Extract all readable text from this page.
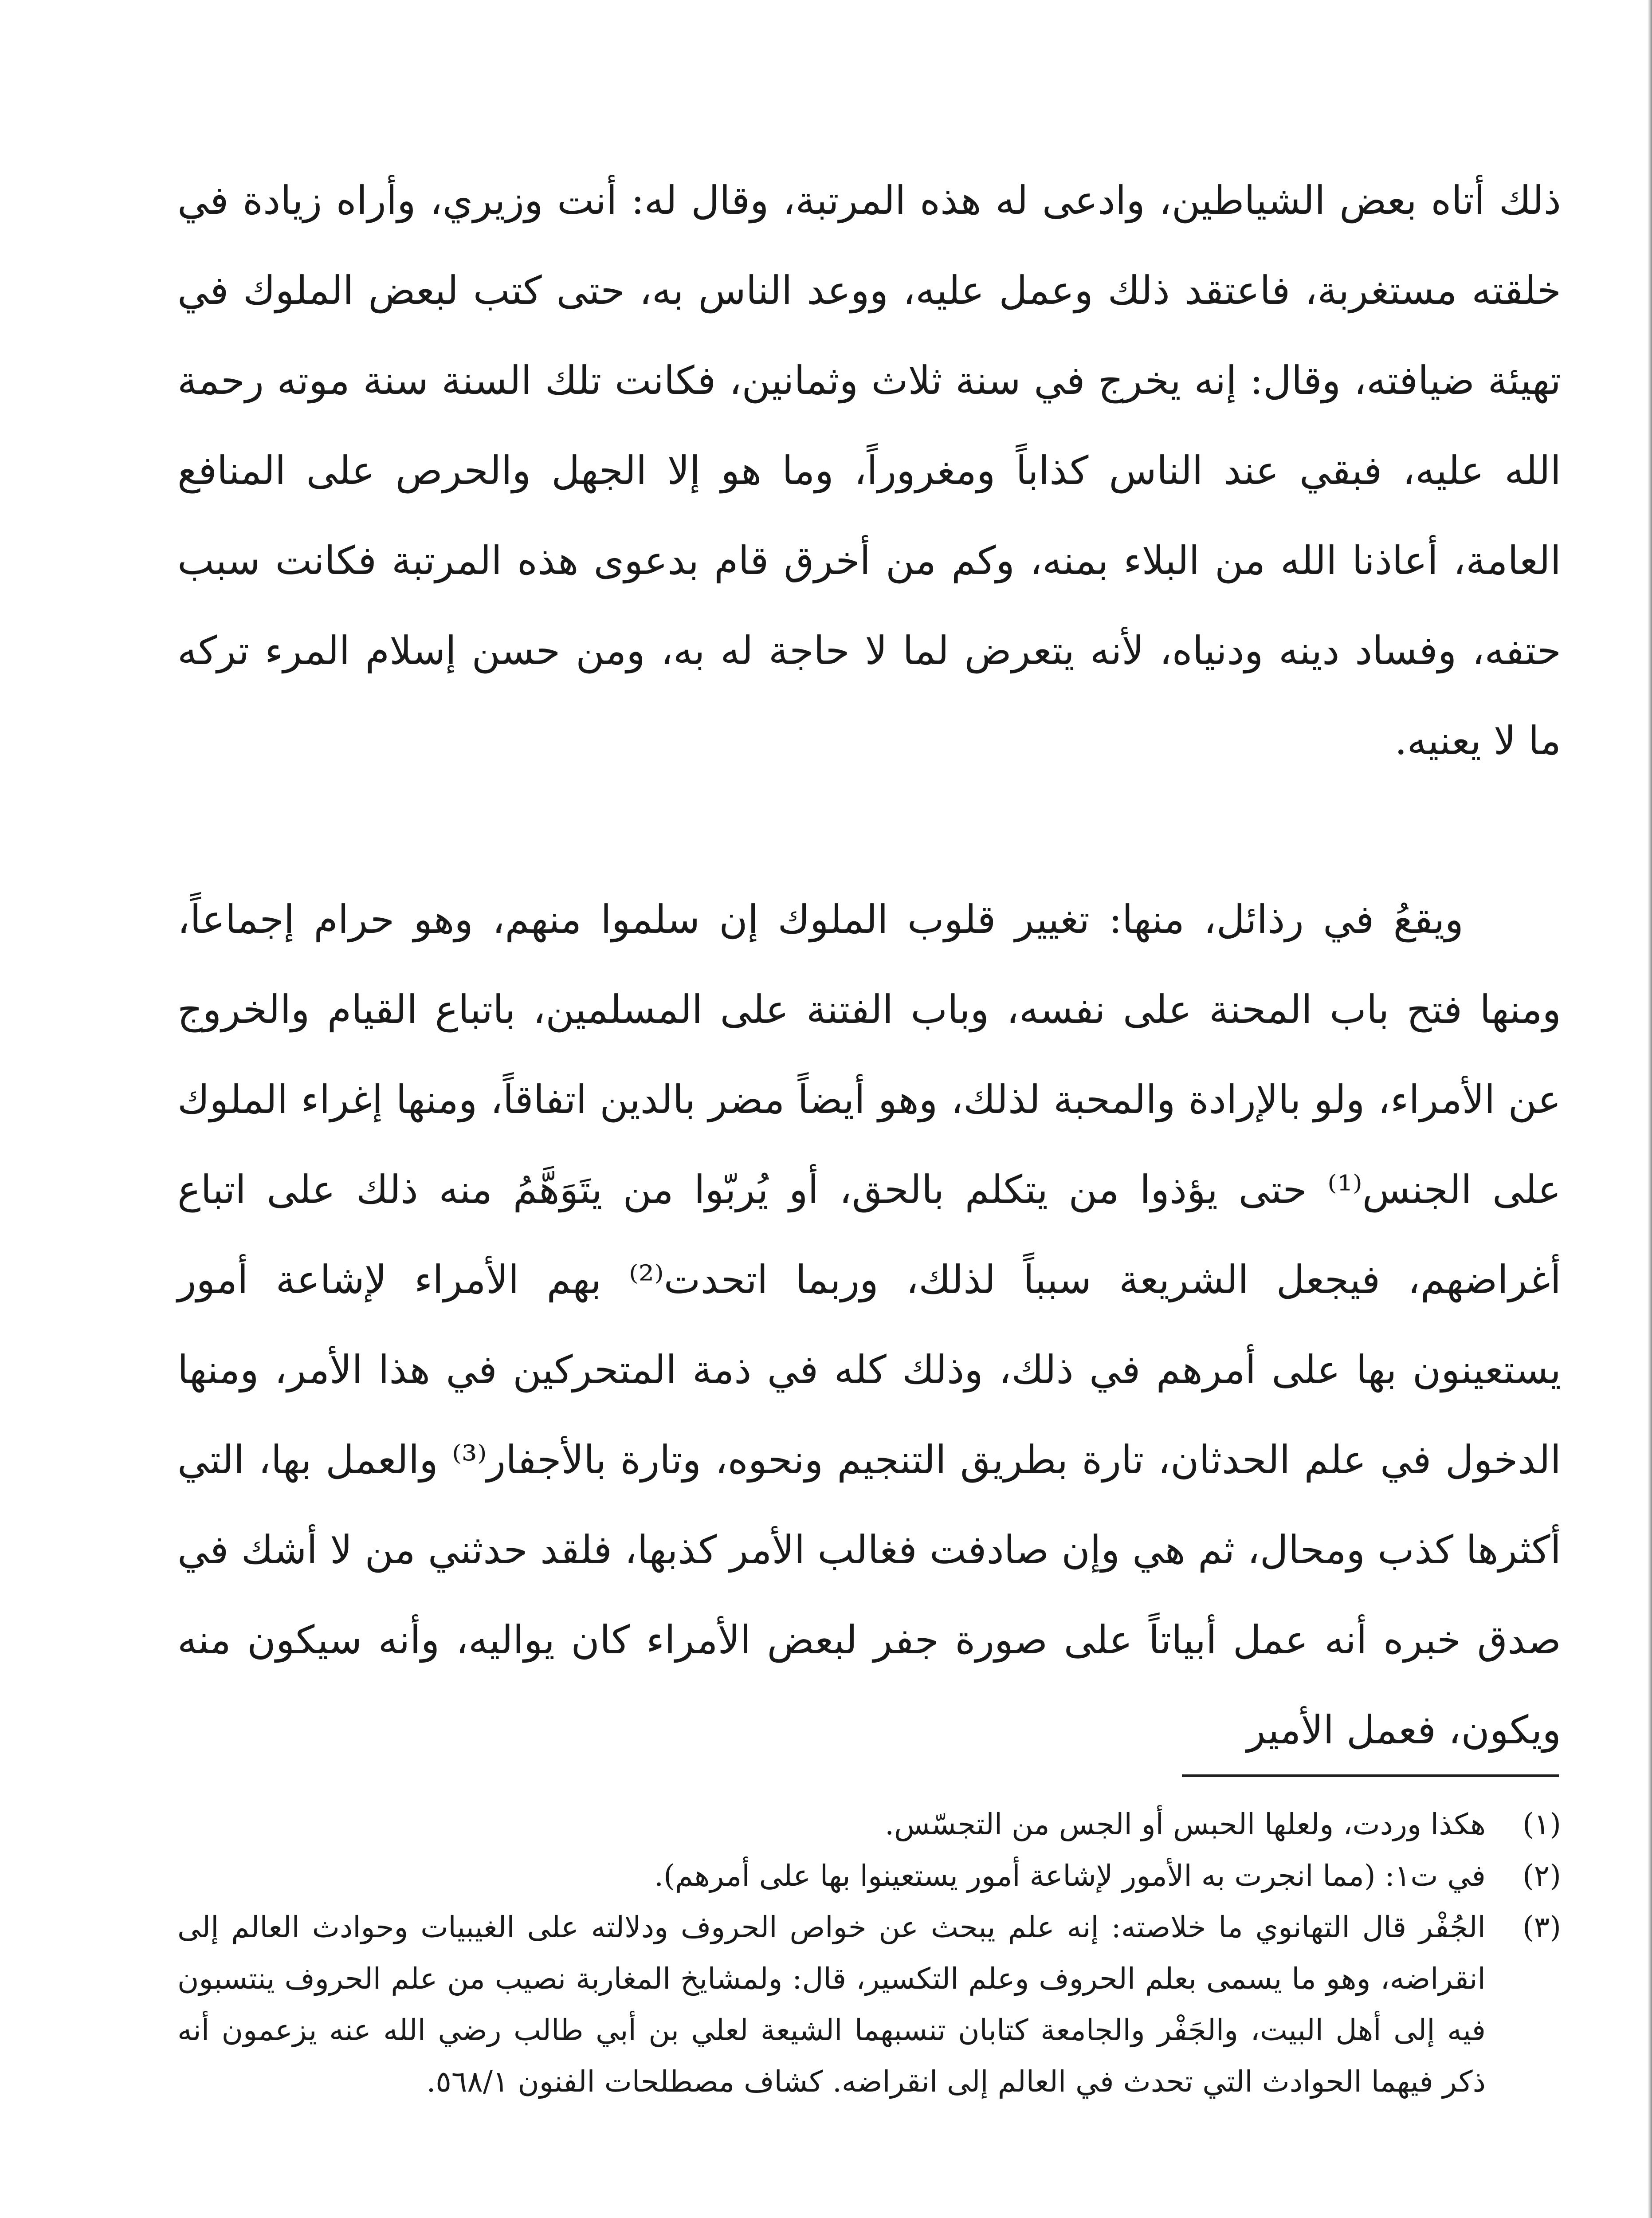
ذلك أتاه بعض الشياطين، وادعى له هذه المرتبة، وقال له: أنت وزيري، وأراه زيادة في خلقته مستغربة، فاعتقد ذلك وعمل عليه، ووعد الناس به، حتى كتب لبعض الملوك في تهيئة ضيافته، وقال: إنه يخرج في سنة ثلاث وثمانين، فكانت تلك السنة سنة موته رحمة الله عليه، فبقي عند الناس كذاباً ومغروراً، وما هو إلا الجهل والحرص على المنافع العامة، أعاذنا الله من البلاء بمنه، وكم من أخرق قام بدعوى هذه المرتبة فكانت سبب حتفه، وفساد دينه ودنياه، لأنه يتعرض لما لا حاجة له به، ومن حسن إسلام المرء تركه ما لا يعنيه.

ويقعُ في رذائل، منها: تغيير قلوب الملوك إن سلموا منهم، وهو حرام إجماعاً، ومنها فتح باب المحنة على نفسه، وباب الفتنة على المسلمين، باتباع القيام والخروج عن الأمراء، ولو بالإرادة والمحبة لذلك، وهو أيضاً مضر بالدين اتفاقاً، ومنها إغراء الملوك على الجنس⁽¹⁾ حتى يؤذوا من يتكلم بالحق، أو يُربّوا من يتَوَهَّمُ منه ذلك على اتباع أغراضهم، فيجعل الشريعة سبباً لذلك، وربما اتحدت⁽²⁾ بهم الأمراء لإشاعة أمور يستعينون بها على أمرهم في ذلك، وذلك كله في ذمة المتحركين في هذا الأمر، ومنها الدخول في علم الحدثان، تارة بطريق التنجيم ونحوه، وتارة بالأجفار⁽³⁾ والعمل بها، التي أكثرها كذب ومحال، ثم هي وإن صادفت فغالب الأمر كذبها، فلقد حدثني من لا أشك في صدق خبره أنه عمل أبياتاً على صورة جفر لبعض الأمراء كان يواليه، وأنه سيكون منه ويكون، فعمل الأمير

(١)
هكذا وردت، ولعلها الحبس أو الجس من التجسّس.
(٢)
في ت١: (مما انجرت به الأمور لإشاعة أمور يستعينوا بها على أمرهم).
(٣)
الجُفْر قال التهانوي ما خلاصته: إنه علم يبحث عن خواص الحروف ودلالته على الغيبيات وحوادث العالم إلى انقراضه، وهو ما يسمى بعلم الحروف وعلم التكسير، قال: ولمشايخ المغاربة نصيب من علم الحروف ينتسبون فيه إلى أهل البيت، والجَفْر والجامعة كتابان تنسبهما الشيعة لعلي بن أبي طالب رضي الله عنه يزعمون أنه ذكر فيهما الحوادث التي تحدث في العالم إلى انقراضه. كشاف مصطلحات الفنون ٥٦٨/١.
